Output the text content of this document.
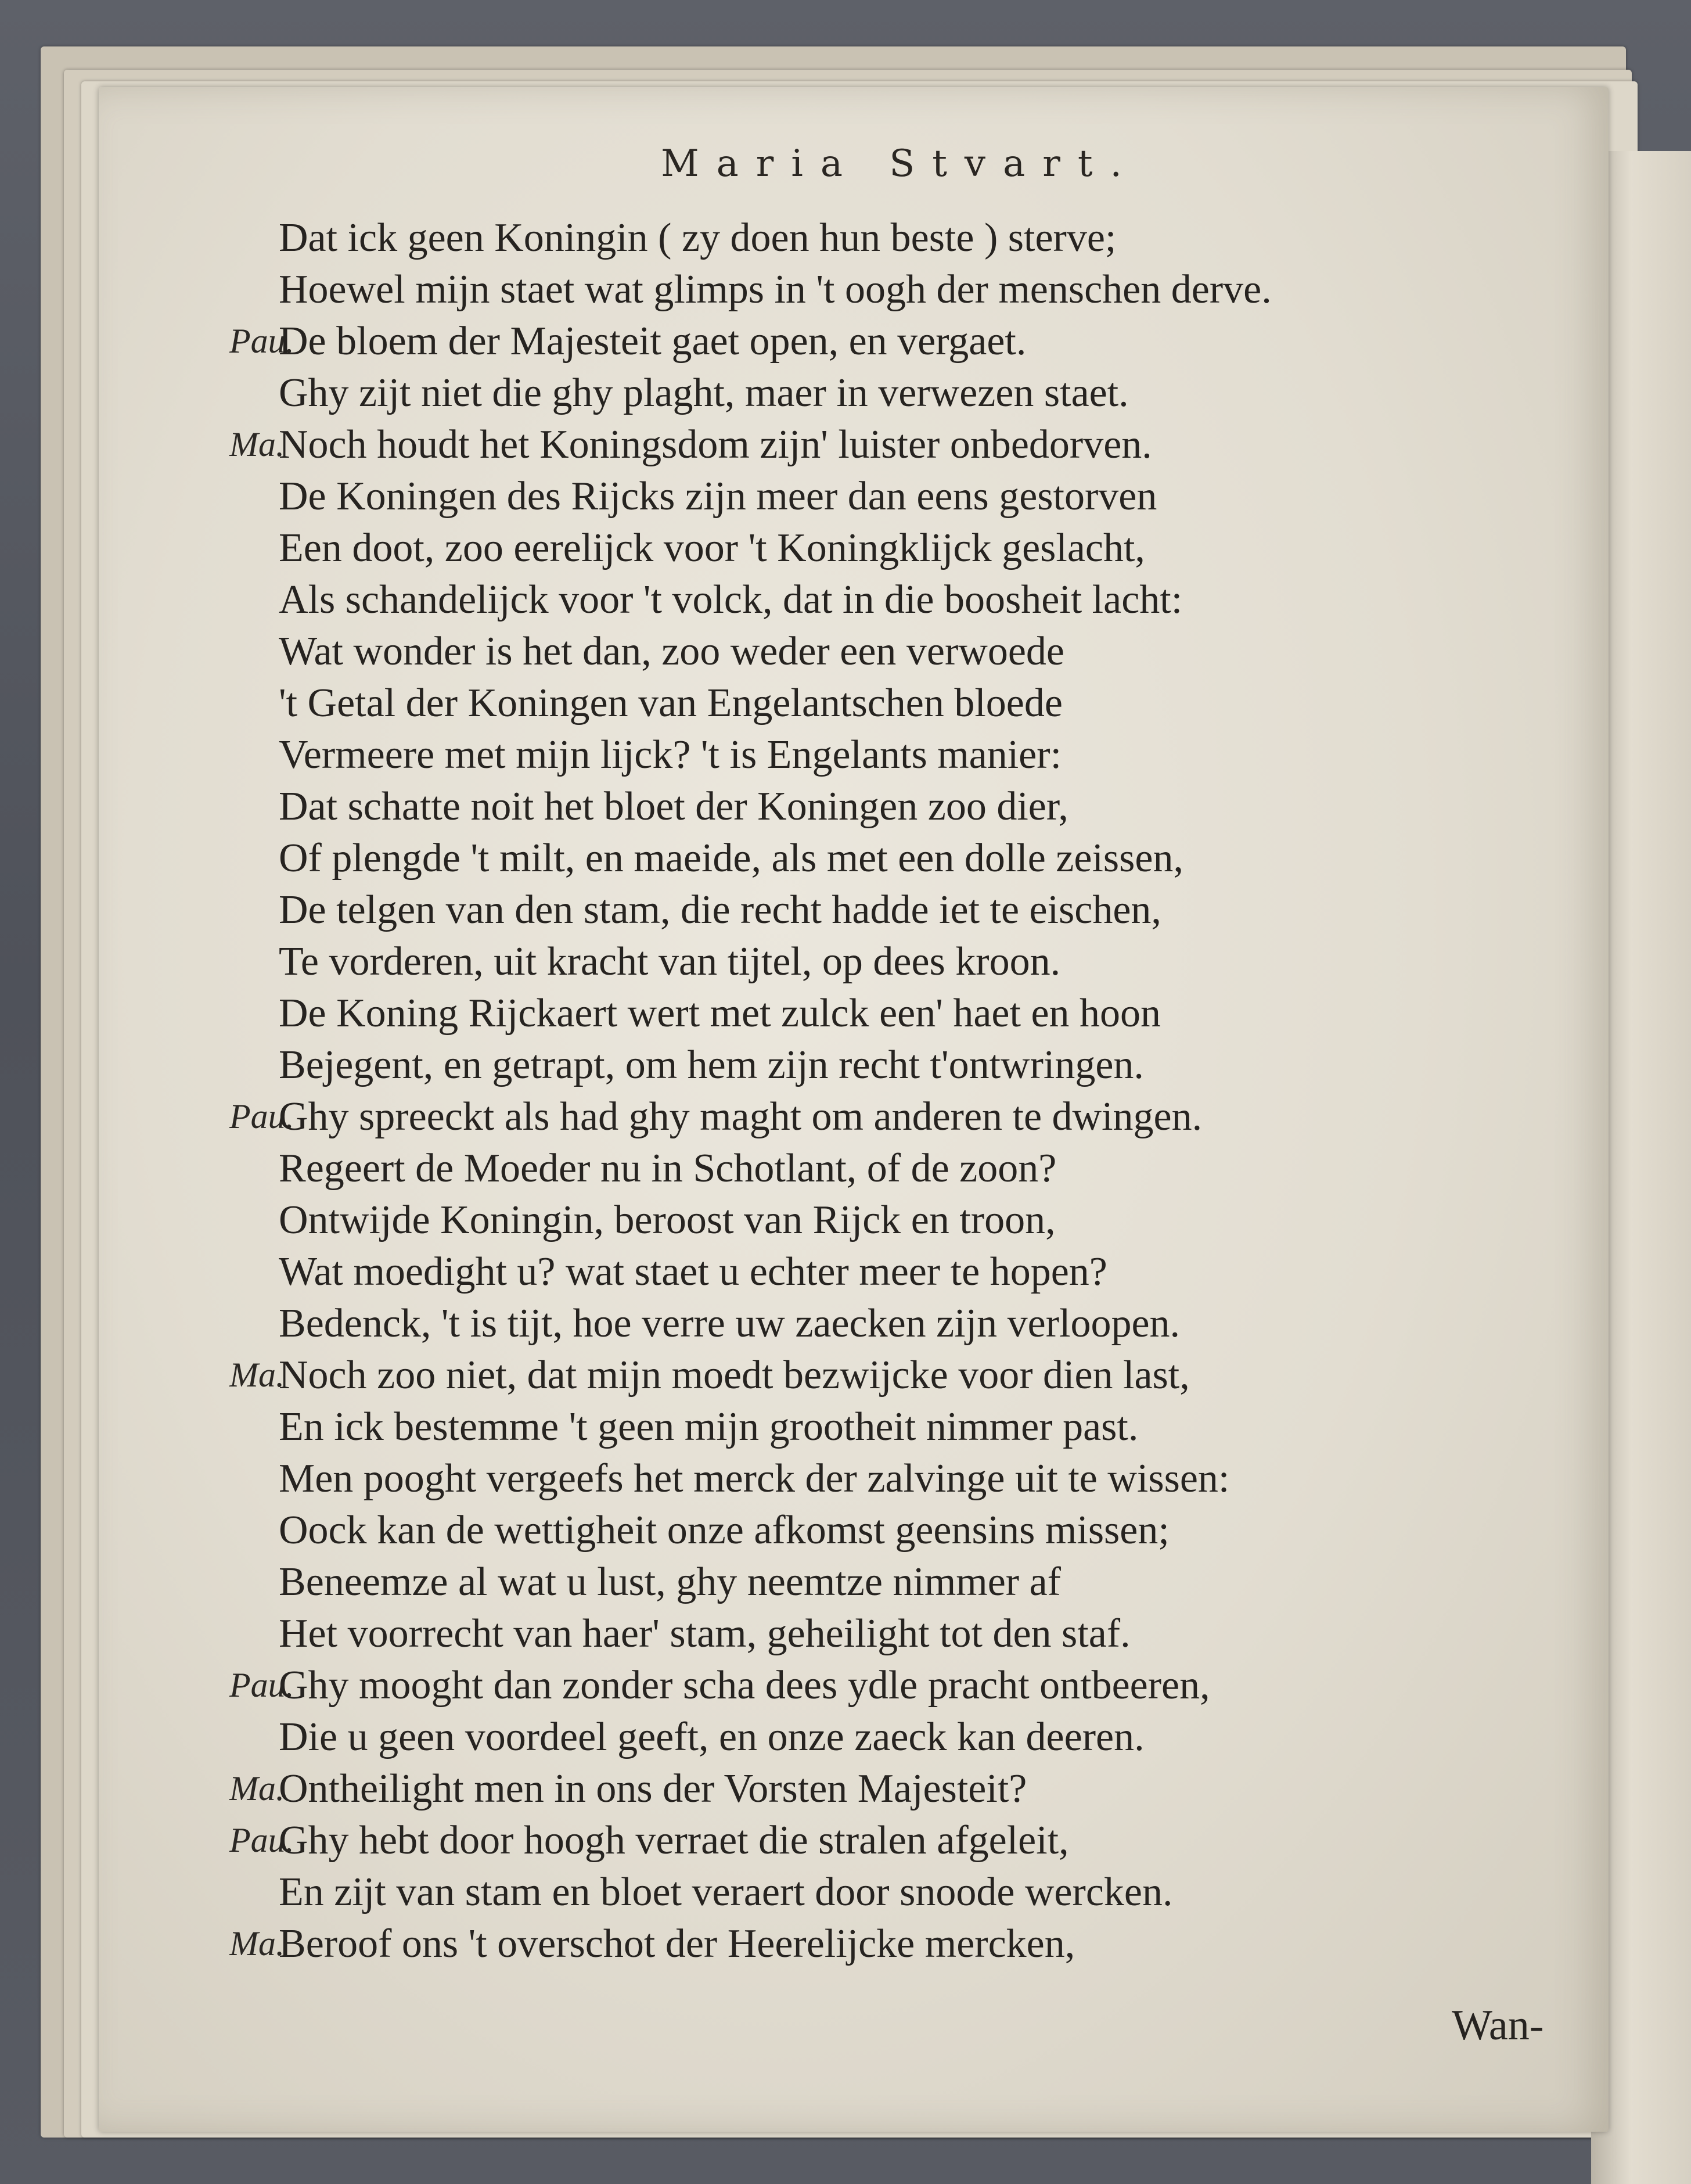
Maria Stvart.
Dat ick geen Koningin ( zy doen hun beste ) sterve;
Hoewel mijn staet wat glimps in 't oogh der menschen derve.
Pau.
De bloem der Majesteit gaet open, en vergaet.
Ghy zijt niet die ghy plaght, maer in verwezen staet.
Ma.
Noch houdt het Koningsdom zijn' luister onbedorven.
De Koningen des Rijcks zijn meer dan eens gestorven
Een doot, zoo eerelijck voor 't Koningklijck geslacht,
Als schandelijck voor 't volck, dat in die boosheit lacht:
Wat wonder is het dan, zoo weder een verwoede
't Getal der Koningen van Engelantschen bloede
Vermeere met mijn lijck? 't is Engelants manier:
Dat schatte noit het bloet der Koningen zoo dier,
Of plengde 't milt, en maeide, als met een dolle zeissen,
De telgen van den stam, die recht hadde iet te eischen,
Te vorderen, uit kracht van tijtel, op dees kroon.
De Koning Rijckaert wert met zulck een' haet en hoon
Bejegent, en getrapt, om hem zijn recht t'ontwringen.
Pau.
Ghy spreeckt als had ghy maght om anderen te dwingen.
Regeert de Moeder nu in Schotlant, of de zoon?
Ontwijde Koningin, beroost van Rijck en troon,
Wat moedight u? wat staet u echter meer te hopen?
Bedenck, 't is tijt, hoe verre uw zaecken zijn verloopen.
Ma.
Noch zoo niet, dat mijn moedt bezwijcke voor dien last,
En ick bestemme 't geen mijn grootheit nimmer past.
Men pooght vergeefs het merck der zalvinge uit te wissen:
Oock kan de wettigheit onze afkomst geensins missen;
Beneemze al wat u lust, ghy neemtze nimmer af
Het voorrecht van haer' stam, geheilight tot den staf.
Pau.
Ghy mooght dan zonder scha dees ydle pracht ontbeeren,
Die u geen voordeel geeft, en onze zaeck kan deeren.
Ma.
Ontheilight men in ons der Vorsten Majesteit?
Pau.
Ghy hebt door hoogh verraet die stralen afgeleit,
En zijt van stam en bloet veraert door snoode wercken.
Ma.
Beroof ons 't overschot der Heerelijcke mercken,
Wan-
